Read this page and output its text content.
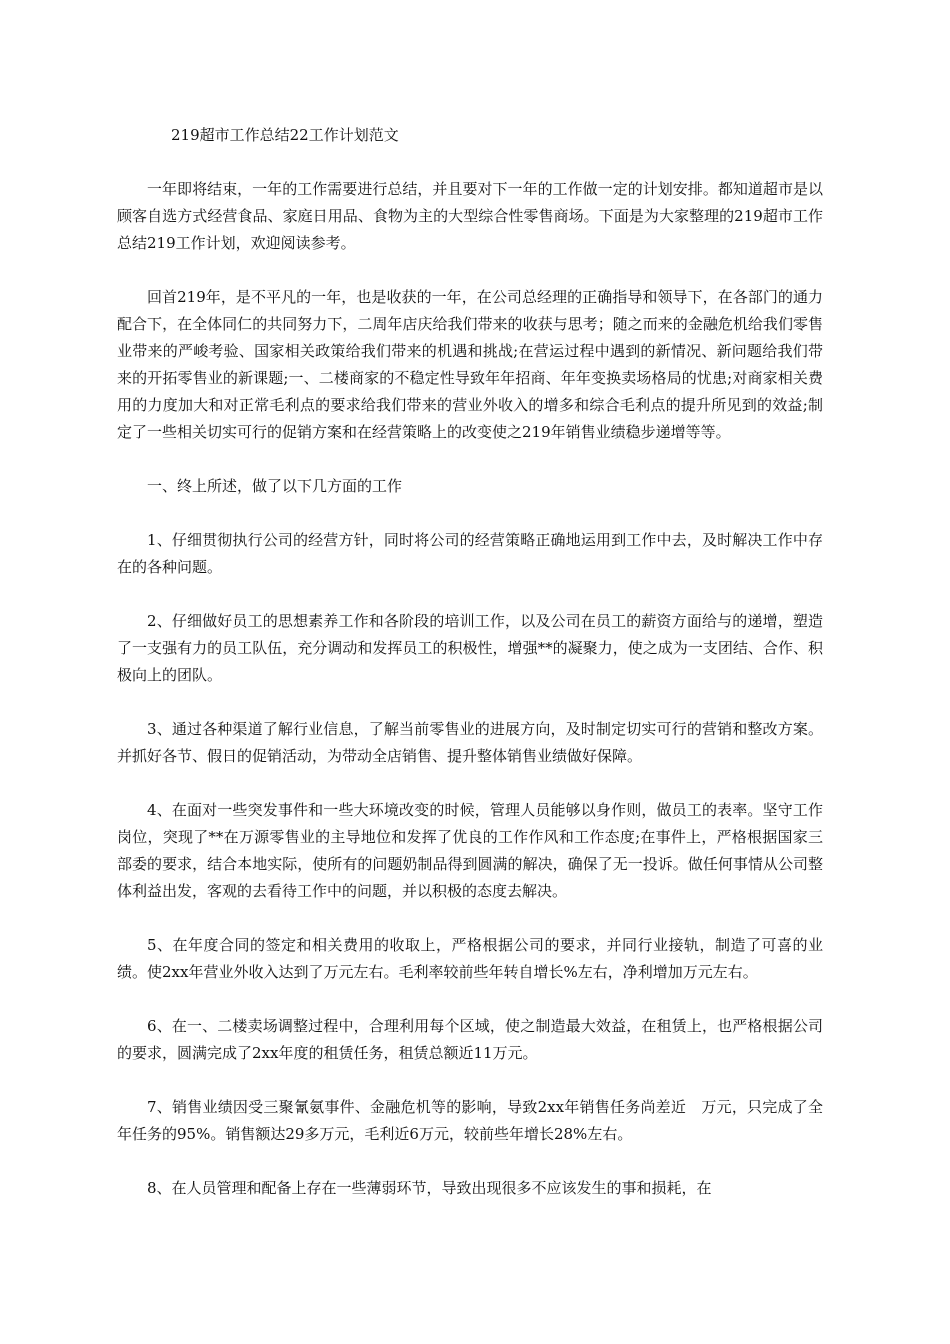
219超市工作总结22工作计划范文

一年即将结束，一年的工作需要进行总结，并且要对下一年的工作做一定的计划安排。都知道超市是以顾客自选方式经营食品、家庭日用品、食物为主的大型综合性零售商场。下面是为大家整理的219超市工作总结219工作计划，欢迎阅读参考。

回首219年，是不平凡的一年，也是收获的一年，在公司总经理的正确指导和领导下，在各部门的通力配合下，在全体同仁的共同努力下，二周年店庆给我们带来的收获与思考；随之而来的金融危机给我们零售业带来的严峻考验、国家相关政策给我们带来的机遇和挑战;在营运过程中遇到的新情况、新问题给我们带来的开拓零售业的新课题;一、二楼商家的不稳定性导致年年招商、年年变换卖场格局的忧患;对商家相关费用的力度加大和对正常毛利点的要求给我们带来的营业外收入的增多和综合毛利点的提升所见到的效益;制定了一些相关切实可行的促销方案和在经营策略上的改变使之219年销售业绩稳步递增等等。

一、终上所述，做了以下几方面的工作

1、仔细贯彻执行公司的经营方针，同时将公司的经营策略正确地运用到工作中去，及时解决工作中存在的各种问题。

2、仔细做好员工的思想素养工作和各阶段的培训工作，以及公司在员工的薪资方面给与的递增，塑造了一支强有力的员工队伍，充分调动和发挥员工的积极性，增强**的凝聚力，使之成为一支团结、合作、积极向上的团队。

3、通过各种渠道了解行业信息，了解当前零售业的进展方向，及时制定切实可行的营销和整改方案。并抓好各节、假日的促销活动，为带动全店销售、提升整体销售业绩做好保障。

4、在面对一些突发事件和一些大环境改变的时候，管理人员能够以身作则，做员工的表率。坚守工作岗位，突现了**在万源零售业的主导地位和发挥了优良的工作作风和工作态度;在事件上，严格根据国家三部委的要求，结合本地实际，使所有的问题奶制品得到圆满的解决，确保了无一投诉。做任何事情从公司整体利益出发，客观的去看待工作中的问题，并以积极的态度去解决。

5、在年度合同的签定和相关费用的收取上，严格根据公司的要求，并同行业接轨，制造了可喜的业绩。使2xx年营业外收入达到了万元左右。毛利率较前些年转自增长%左右，净利增加万元左右。

6、在一、二楼卖场调整过程中，合理利用每个区域，使之制造最大效益，在租赁上，也严格根据公司的要求，圆满完成了2xx年度的租赁任务，租赁总额近11万元。

7、销售业绩因受三聚氰氨事件、金融危机等的影响，导致2xx年销售任务尚差近　万元，只完成了全年任务的95%。销售额达29多万元，毛利近6万元，较前些年增长28%左右。

8、在人员管理和配备上存在一些薄弱环节，导致出现很多不应该发生的事和损耗，在
